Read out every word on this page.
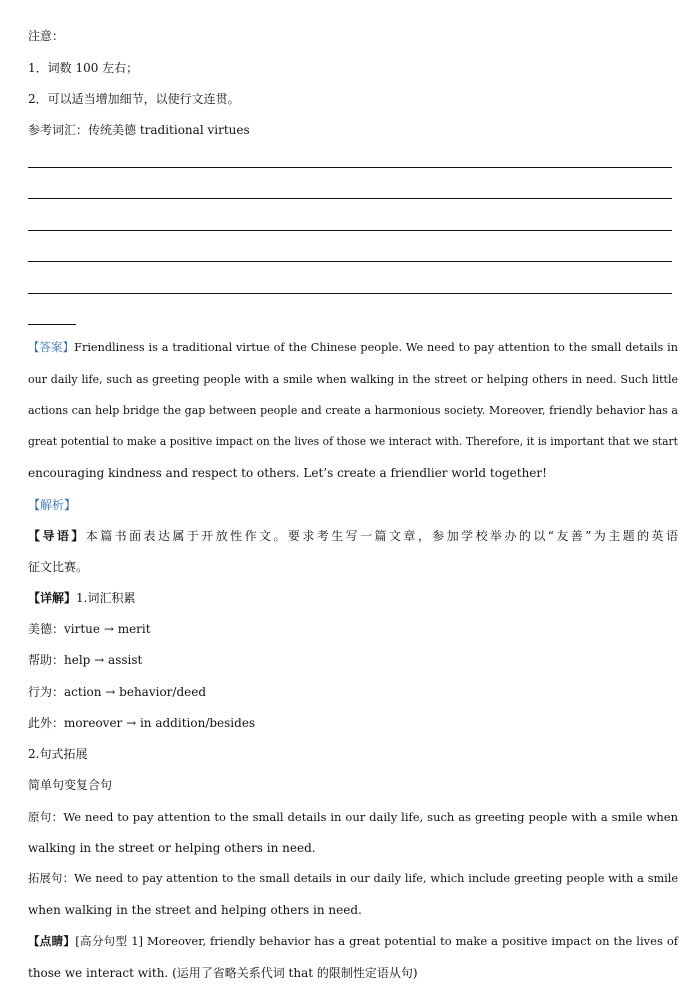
注意：
1．词数 100 左右；
2．可以适当增加细节，以使行文连贯。
参考词汇：传统美德 traditional virtues
【答案】Friendliness is a traditional virtue of the Chinese people. We need to pay attention to the small details in
our daily life, such as greeting people with a smile when walking in the street or helping others in need. Such little
actions can help bridge the gap between people and create a harmonious society. Moreover, friendly behavior has a
great potential to make a positive impact on the lives of those we interact with. Therefore, it is important that we start
encouraging kindness and respect to others. Let’s create a friendlier world together!
【解析】
【导语】本篇书面表达属于开放性作文。要求考生写一篇文章，参加学校举办的以“友善”为主题的英语
征文比赛。
【详解】1.词汇积累
美德：virtue → merit
帮助：help → assist
行为：action → behavior/deed
此外：moreover → in addition/besides
2.句式拓展
简单句变复合句
原句：We need to pay attention to the small details in our daily life, such as greeting people with a smile when
walking in the street or helping others in need.
拓展句：We need to pay attention to the small details in our daily life, which include greeting people with a smile
when walking in the street and helping others in need.
【点睛】[高分句型 1] Moreover, friendly behavior has a great potential to make a positive impact on the lives of
those we interact with. (运用了省略关系代词 that 的限制性定语从句)
